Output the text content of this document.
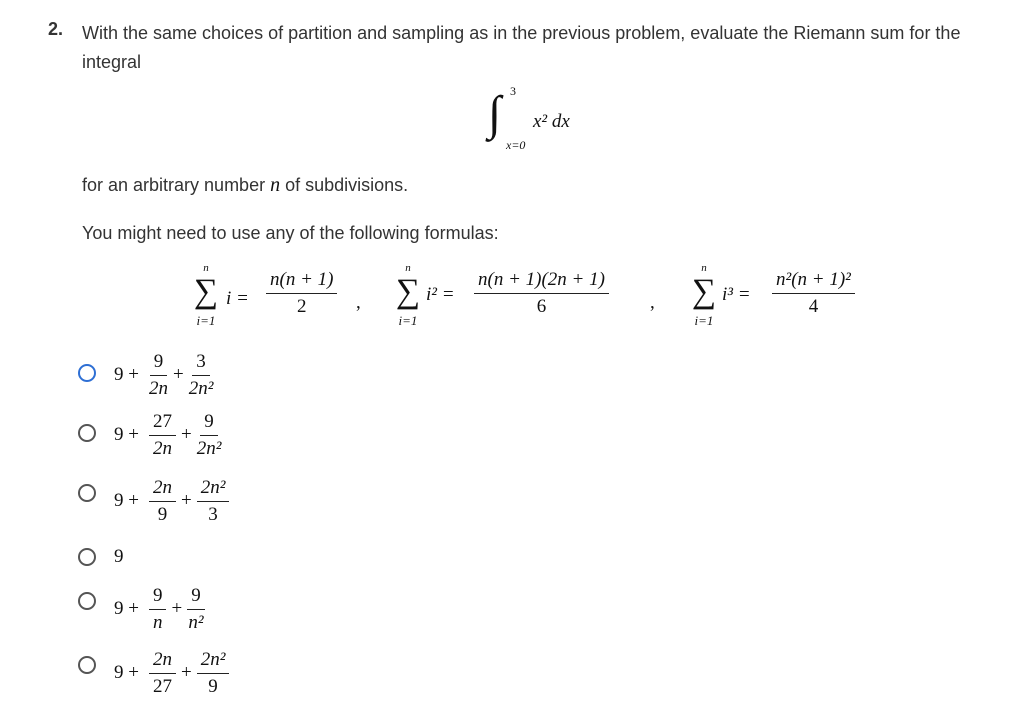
2. With the same choices of partition and sampling as in the previous problem, evaluate the Riemann sum for the integral
∫ 3
x=0
x² dx
for an arbitrary number n of subdivisions.
You might need to use any of the following formulas:
n
∑
i=1
$i = \frac{n(n + 1)}{2}$ ,
n
∑
i=1
$i^2 = \frac{n(n + 1)(2n + 1)}{6}$ ,
n
∑
i=1
$i^3 = \frac{\text{n²(n + 1)²}}{4}$
$9 + \frac{9}{2n} + \frac{3}{\text{2n²}}$
$9 + \frac{27}{2n} + \frac{9}{\text{2n²}}$
$9 + \frac{2n}{9} + \frac{\text{2n²}}{3}$
9
$9 + \frac{9}{n} + \frac{9}{\text{n²}}$
$9 + \frac{2n}{27} + \frac{\text{2n²}}{9}$
